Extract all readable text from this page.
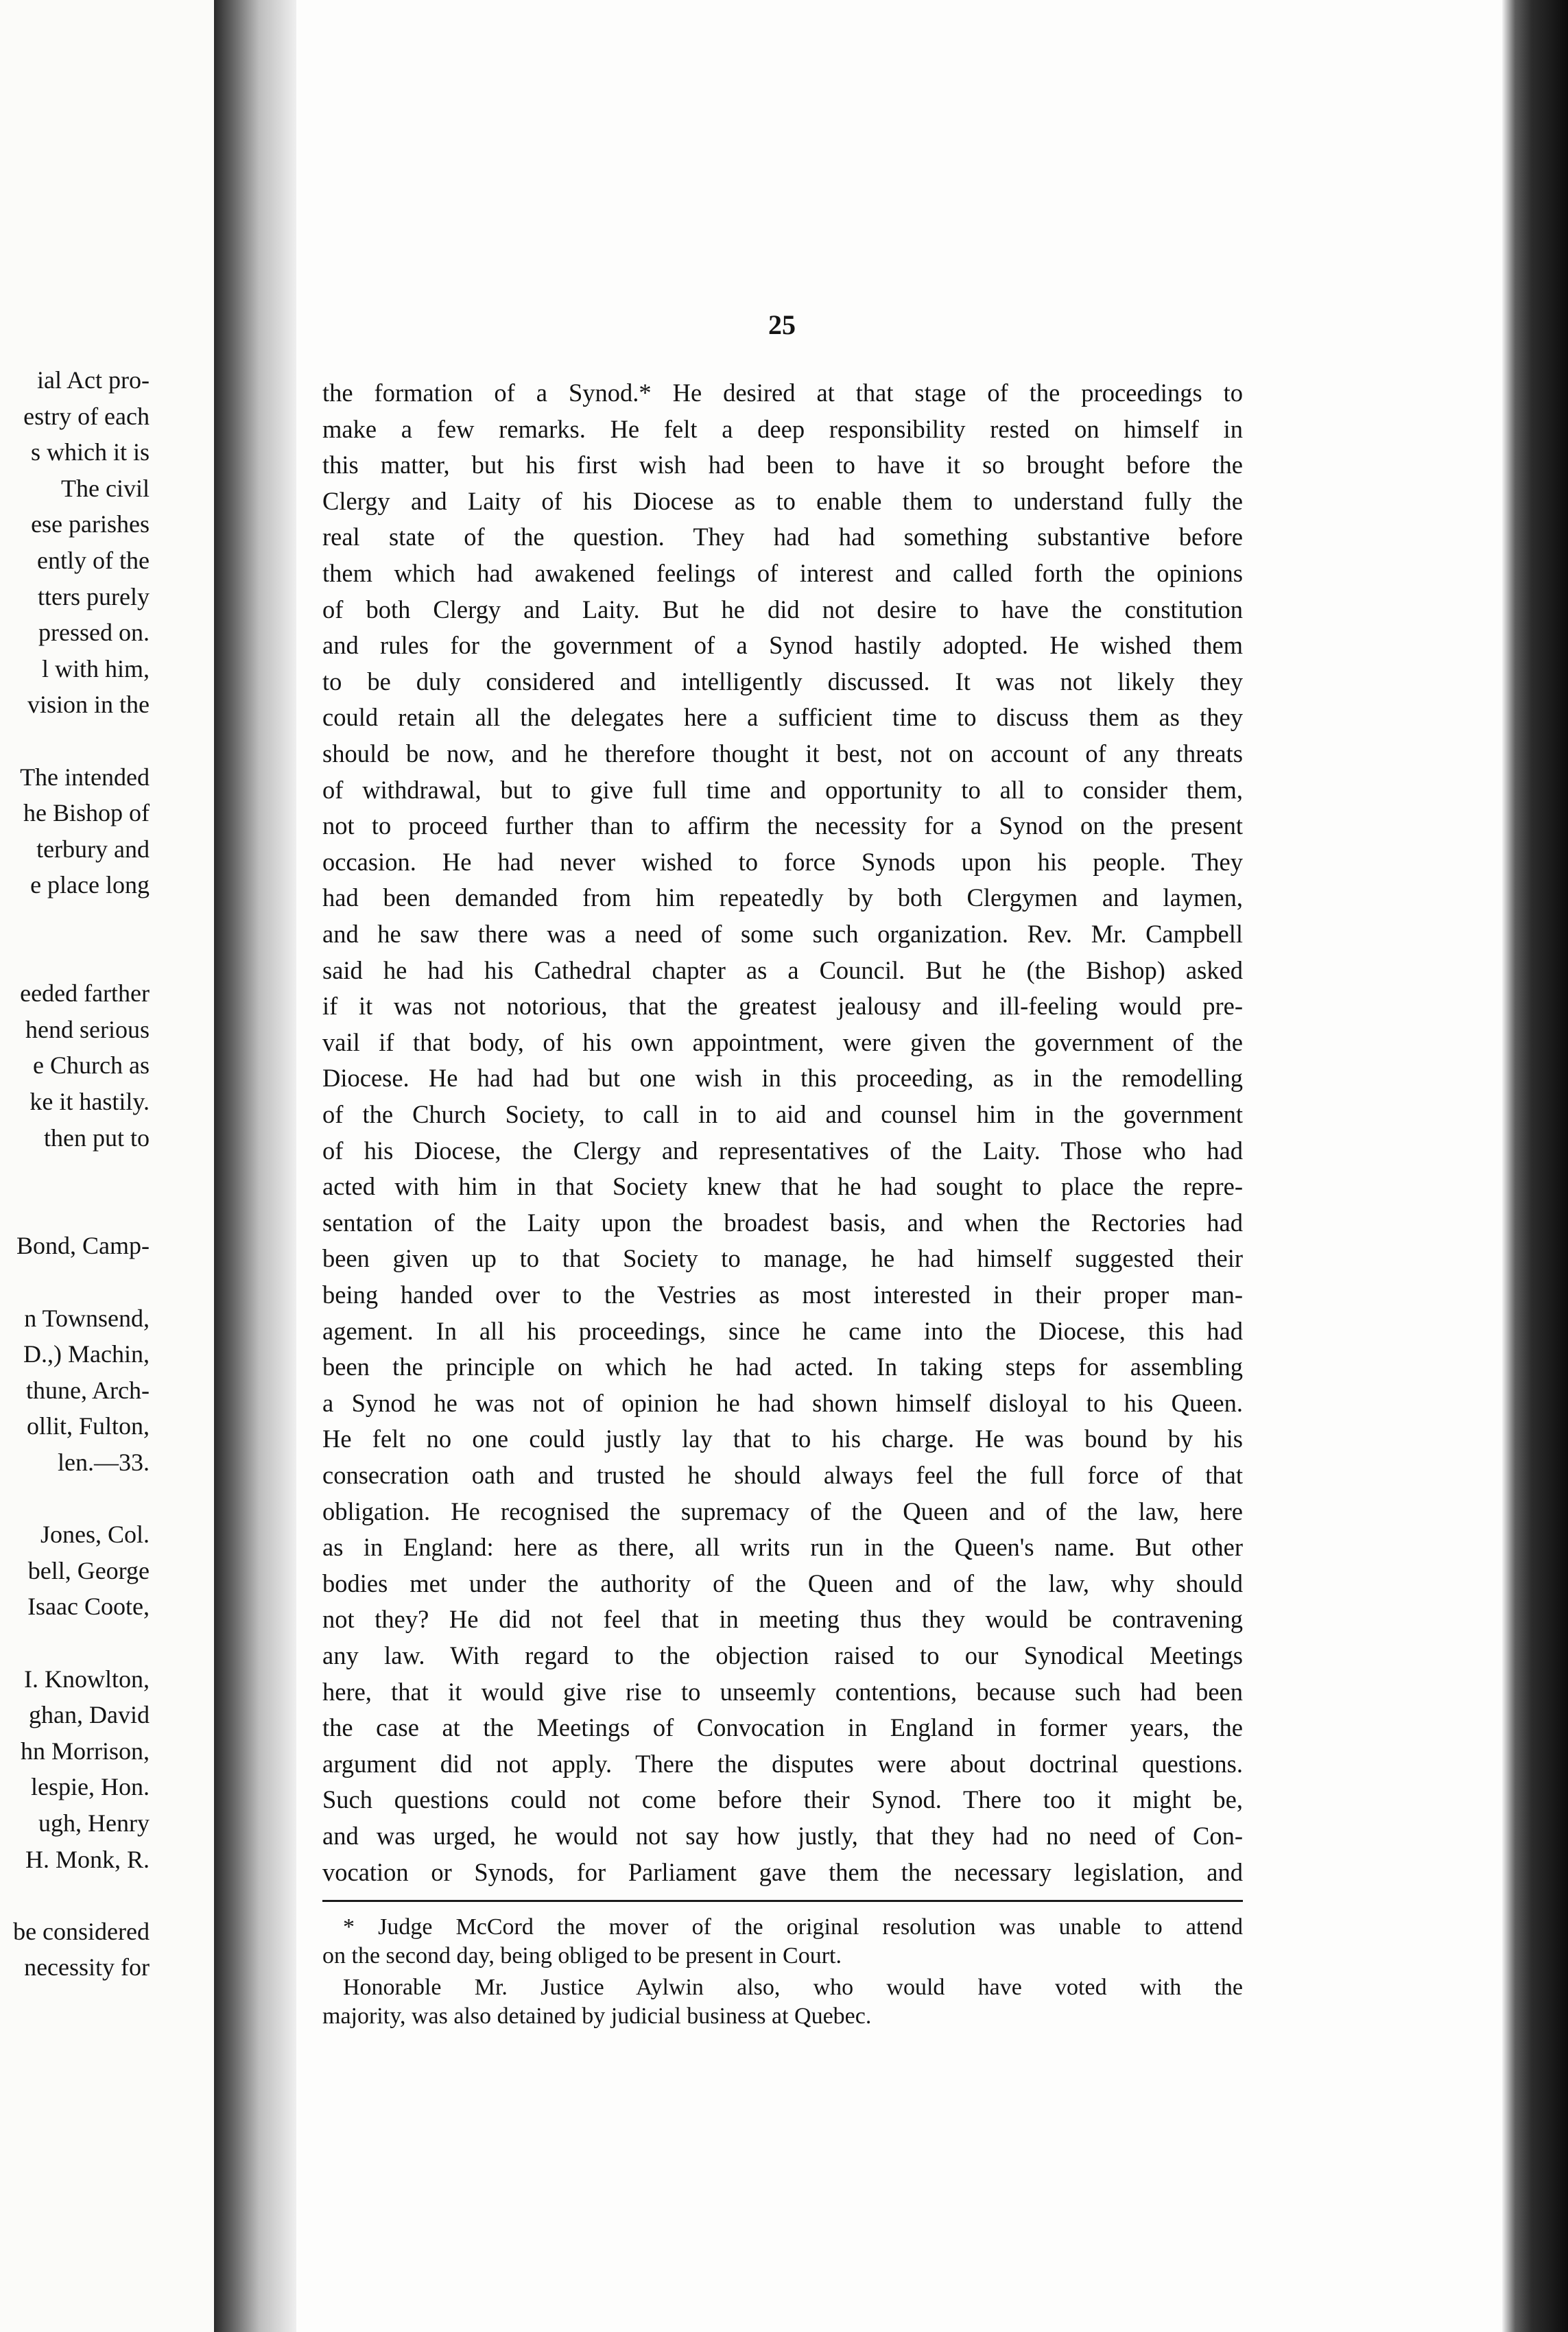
ial Act pro-
estry of each
s which it is
The civil
ese parishes
ently of the
tters purely
pressed on.
l with him,
vision in the
The intended
he Bishop of
terbury and
e place long
eeded farther
hend serious
e Church as
ke it hastily.
then put to
Bond, Camp-
n Townsend,
D.,) Machin,
thune, Arch-
ollit, Fulton,
len.—33.
Jones, Col.
bell, George
Isaac Coote,
I. Knowlton,
ghan, David
hn Morrison,
lespie, Hon.
ugh, Henry
H. Monk, R.
be considered
necessity for
25
the formation of a Synod.* He desired at that stage of the proceedings to
make a few remarks. He felt a deep responsibility rested on himself in
this matter, but his first wish had been to have it so brought before the
Clergy and Laity of his Diocese as to enable them to understand fully the
real state of the question. They had had something substantive before
them which had awakened feelings of interest and called forth the opinions
of both Clergy and Laity. But he did not desire to have the constitution
and rules for the government of a Synod hastily adopted. He wished them
to be duly considered and intelligently discussed. It was not likely they
could retain all the delegates here a sufficient time to discuss them as they
should be now, and he therefore thought it best, not on account of any threats
of withdrawal, but to give full time and opportunity to all to consider them,
not to proceed further than to affirm the necessity for a Synod on the present
occasion. He had never wished to force Synods upon his people. They
had been demanded from him repeatedly by both Clergymen and laymen,
and he saw there was a need of some such organization. Rev. Mr. Campbell
said he had his Cathedral chapter as a Council. But he (the Bishop) asked
if it was not notorious, that the greatest jealousy and ill-feeling would pre-
vail if that body, of his own appointment, were given the government of the
Diocese. He had had but one wish in this proceeding, as in the remodelling
of the Church Society, to call in to aid and counsel him in the government
of his Diocese, the Clergy and representatives of the Laity. Those who had
acted with him in that Society knew that he had sought to place the repre-
sentation of the Laity upon the broadest basis, and when the Rectories had
been given up to that Society to manage, he had himself suggested their
being handed over to the Vestries as most interested in their proper man-
agement. In all his proceedings, since he came into the Diocese, this had
been the principle on which he had acted. In taking steps for assembling
a Synod he was not of opinion he had shown himself disloyal to his Queen.
He felt no one could justly lay that to his charge. He was bound by his
consecration oath and trusted he should always feel the full force of that
obligation. He recognised the supremacy of the Queen and of the law, here
as in England: here as there, all writs run in the Queen's name. But other
bodies met under the authority of the Queen and of the law, why should
not they? He did not feel that in meeting thus they would be contravening
any law. With regard to the objection raised to our Synodical Meetings
here, that it would give rise to unseemly contentions, because such had been
the case at the Meetings of Convocation in England in former years, the
argument did not apply. There the disputes were about doctrinal questions.
Such questions could not come before their Synod. There too it might be,
and was urged, he would not say how justly, that they had no need of Con-
vocation or Synods, for Parliament gave them the necessary legislation, and
* Judge McCord the mover of the original resolution was unable to attend
on the second day, being obliged to be present in Court.
Honorable Mr. Justice Aylwin also, who would have voted with the
majority, was also detained by judicial business at Quebec.
